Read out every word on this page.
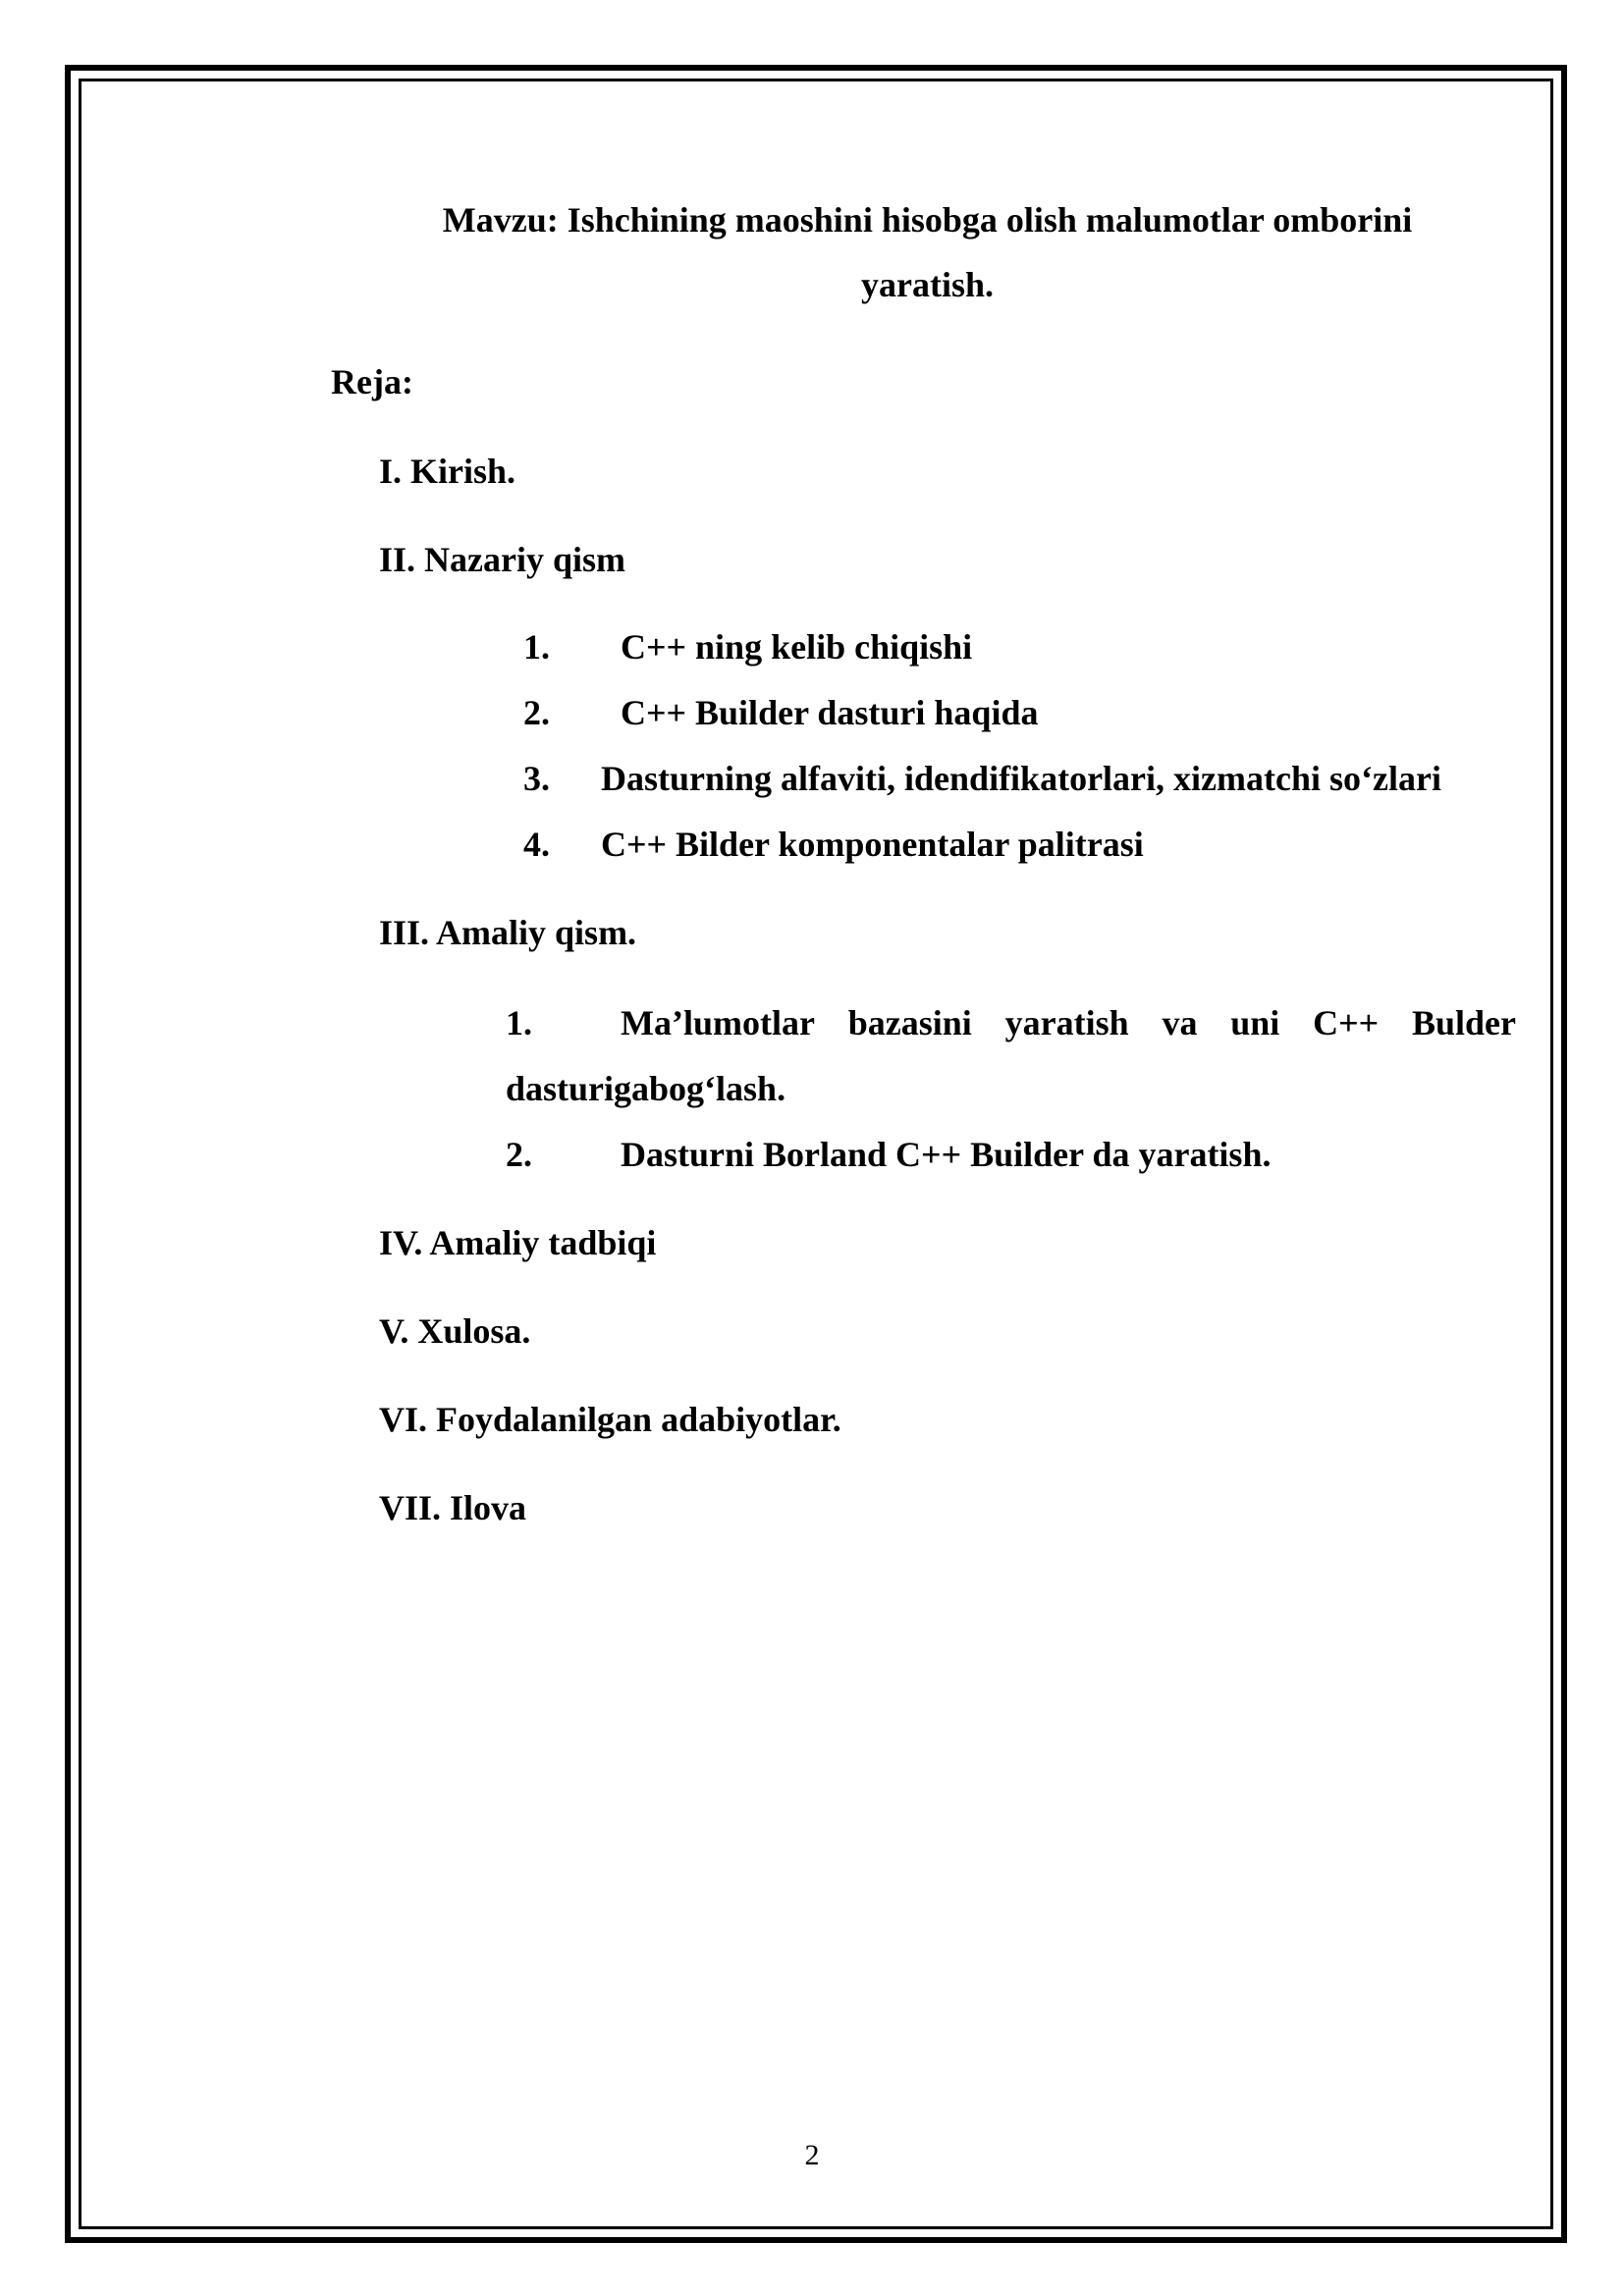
Mavzu: Ishchining maoshini hisobga olish malumotlar omborini
yaratish.
Reja:
I. Kirish.
II. Nazariy qism
1. C++ ning kelib chiqishi
2. C++ Builder dasturi haqida
3. Dasturning alfaviti, idendifikatorlari, xizmatchi so‘zlari
4. C++ Bilder komponentalar palitrasi
III. Amaliy qism.
1.	Ma’lumotlar bazasini yaratish va uni C++ Bulder
dasturigabog‘lash.
2.	Dasturni Borland C++ Builder da yaratish.
IV. Amaliy tadbiqi
V. Xulosa.
VI. Foydalanilgan adabiyotlar.
VII. Ilova
2
